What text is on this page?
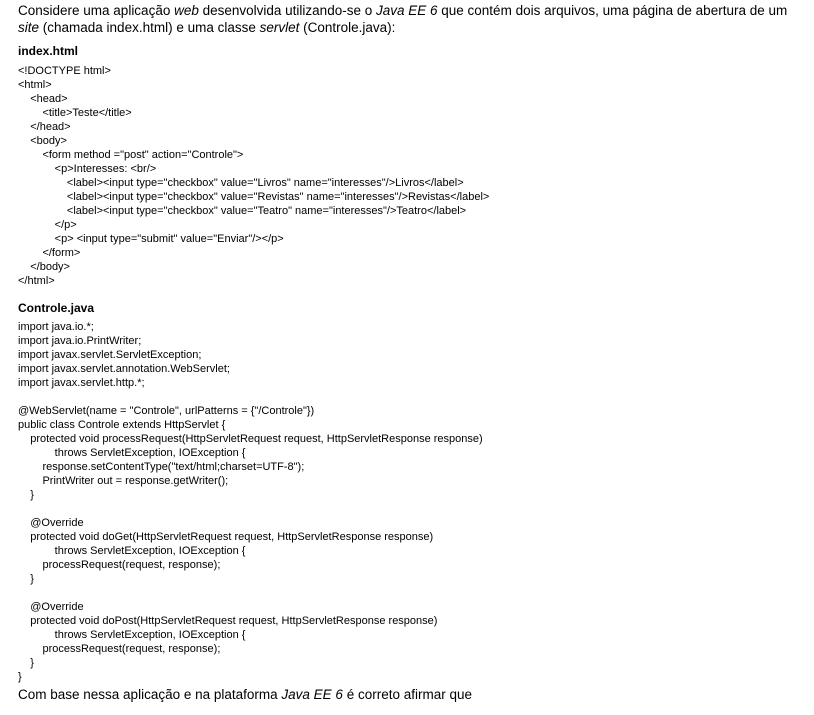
Considere uma aplicação web desenvolvida utilizando-se o Java EE 6 que contém dois arquivos, uma página de abertura de um
site (chamada index.html) e uma classe servlet (Controle.java):
index.html
<!DOCTYPE html>
<html>
<head>
<title>Teste</title>
</head>
<body>
<form method ="post" action="Controle">
<p>Interesses: <br/>
<label><input type="checkbox" value="Livros" name="interesses"/>Livros</label>
<label><input type="checkbox" value="Revistas" name="interesses"/>Revistas</label>
<label><input type="checkbox" value="Teatro" name="interesses"/>Teatro</label>
</p>
<p> <input type="submit" value="Enviar"/></p>
</form>
</body>
</html>
Controle.java
import java.io.*;
import java.io.PrintWriter;
import javax.servlet.ServletException;
import javax.servlet.annotation.WebServlet;
import javax.servlet.http.*;
@WebServlet(name = "Controle", urlPatterns = {"/Controle"})
public class Controle extends HttpServlet {
protected void processRequest(HttpServletRequest request, HttpServletResponse response)
throws ServletException, IOException {
response.setContentType("text/html;charset=UTF-8");
PrintWriter out = response.getWriter();
}
@Override
protected void doGet(HttpServletRequest request, HttpServletResponse response)
throws ServletException, IOException {
processRequest(request, response);
}
@Override
protected void doPost(HttpServletRequest request, HttpServletResponse response)
throws ServletException, IOException {
processRequest(request, response);
}
}
Com base nessa aplicação e na plataforma Java EE 6 é correto afirmar que
